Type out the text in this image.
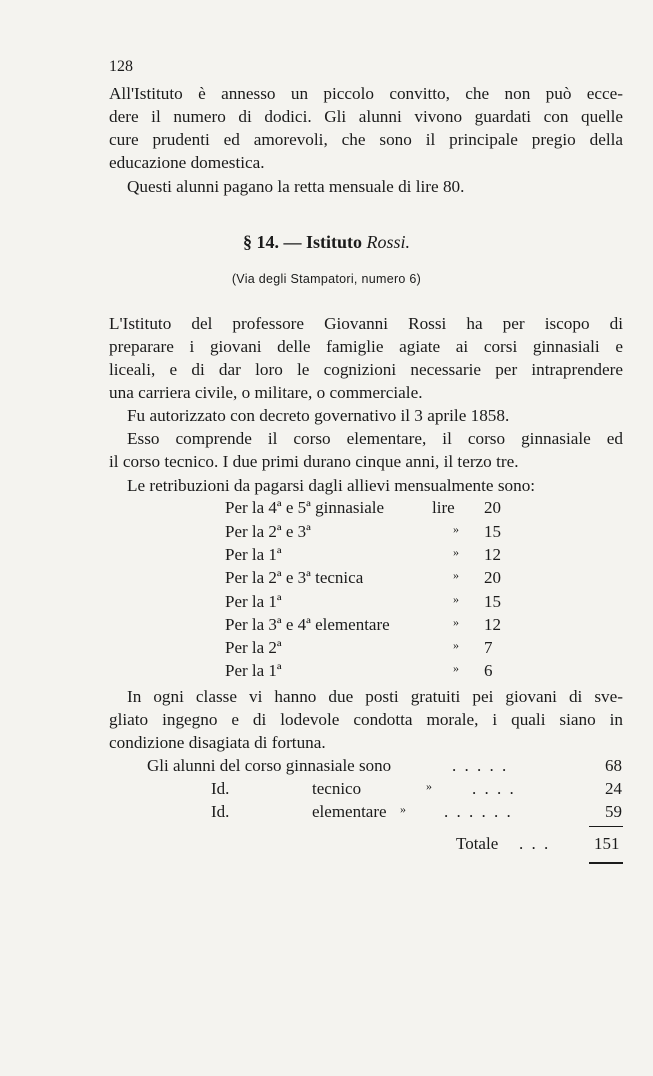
128
All'Istituto è annesso un piccolo convitto, che non può ecce-
dere il numero di dodici. Gli alunni vivono guardati con quelle
cure prudenti ed amorevoli, che sono il principale pregio della
educazione domestica.
Questi alunni pagano la retta mensuale di lire 80.
§ 14. — Istituto Rossi.
(Via degli Stampatori, numero 6)
L'Istituto del professore Giovanni Rossi ha per iscopo di
preparare i giovani delle famiglie agiate ai corsi ginnasiali e
liceali, e di dar loro le cognizioni necessarie per intraprendere
una carriera civile, o militare, o commerciale.
Fu autorizzato con decreto governativo il 3 aprile 1858.
Esso comprende il corso elementare, il corso ginnasiale ed
il corso tecnico. I due primi durano cinque anni, il terzo tre.
Le retribuzioni da pagarsi dagli allievi mensualmente sono:
Per la 4ª e 5ª ginnasiale	lire 20
Per la 2ª e 3ª	» 15
Per la 1ª	» 12
Per la 2ª e 3ª tecnica	» 20
Per la 1ª	» 15
Per la 3ª e 4ª elementare	» 12
Per la 2ª	» 7
Per la 1ª	» 6
In ogni classe vi hanno due posti gratuiti pei giovani di sve-
gliato ingegno e di lodevole condotta morale, i quali siano in
condizione disagiata di fortuna.
Gli alunni del corso ginnasiale sono	. . . . .	68
Id.	tecnico	» . . . .	24
Id.	elementare » . . . . . .	59
Totale . . .	151
